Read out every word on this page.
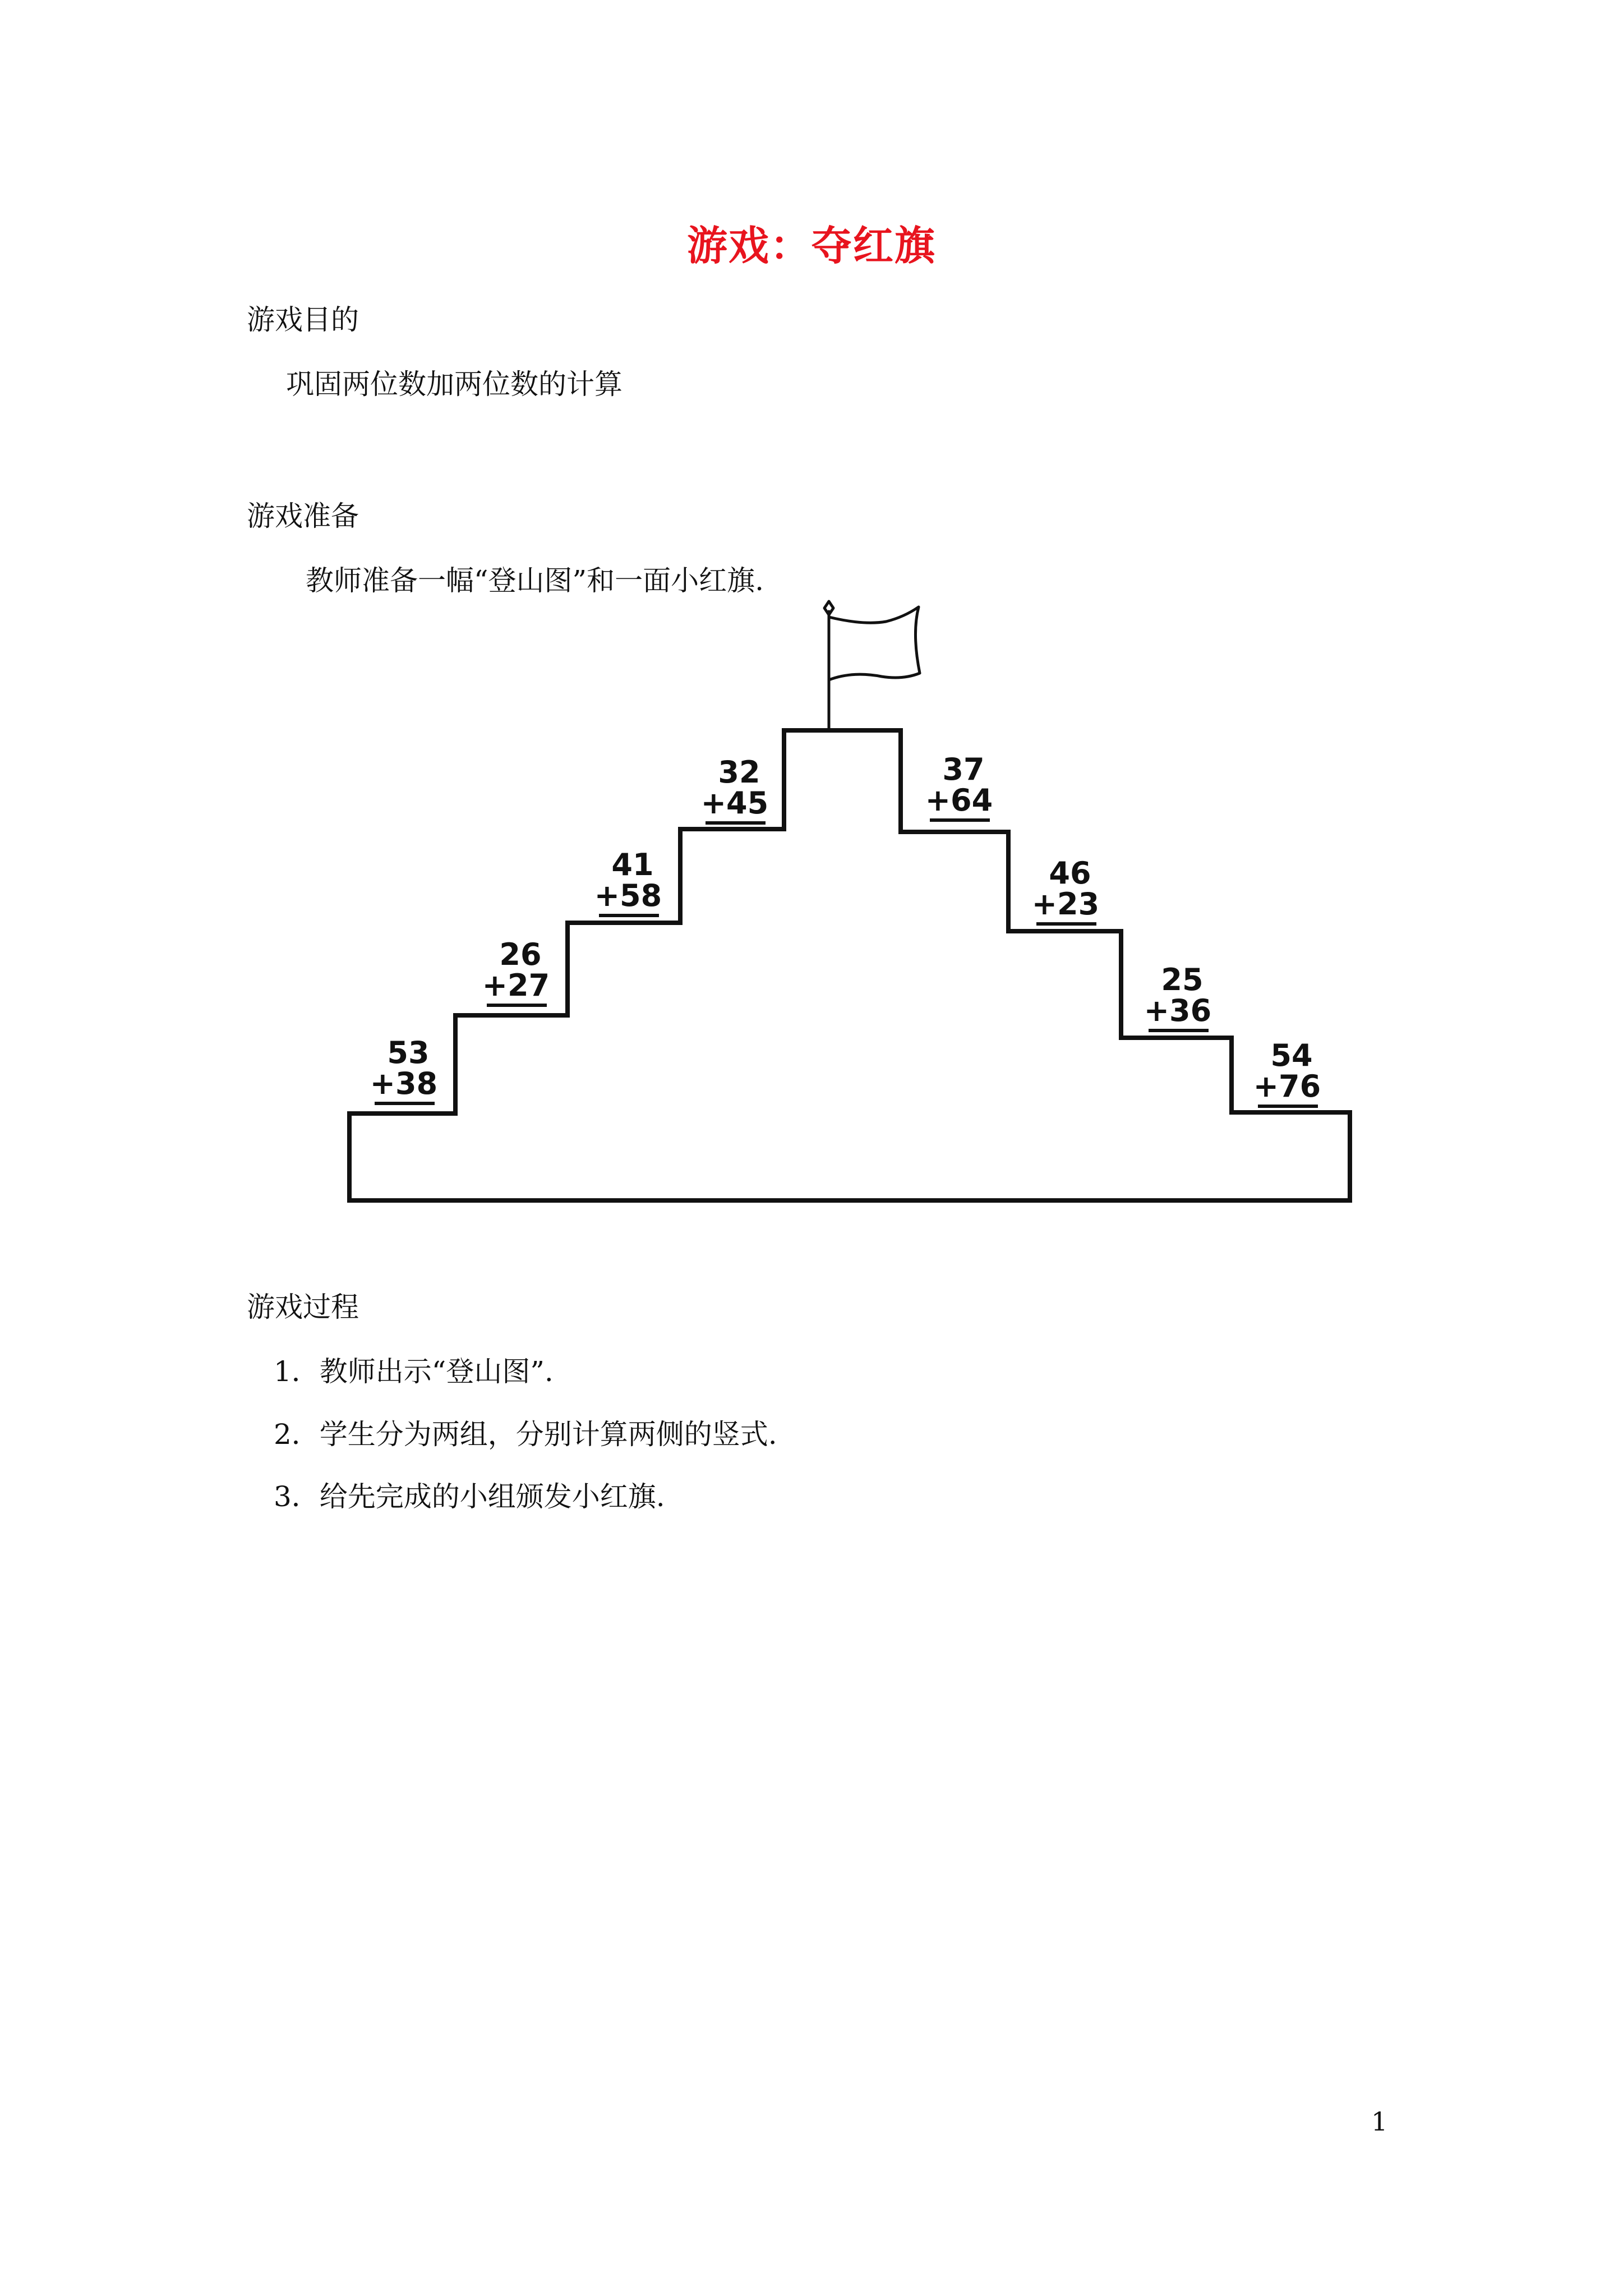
游戏：夺红旗
游戏目的
巩固两位数加两位数的计算
游戏准备
教师准备一幅“登山图”和一面小红旗.
53
+38
26
+27
41
+58
32
+45
37
+64
46
+23
25
+36
54
+76
游戏过程
1．教师出示“登山图”.
2．学生分为两组，分别计算两侧的竖式.
3．给先完成的小组颁发小红旗.
1
